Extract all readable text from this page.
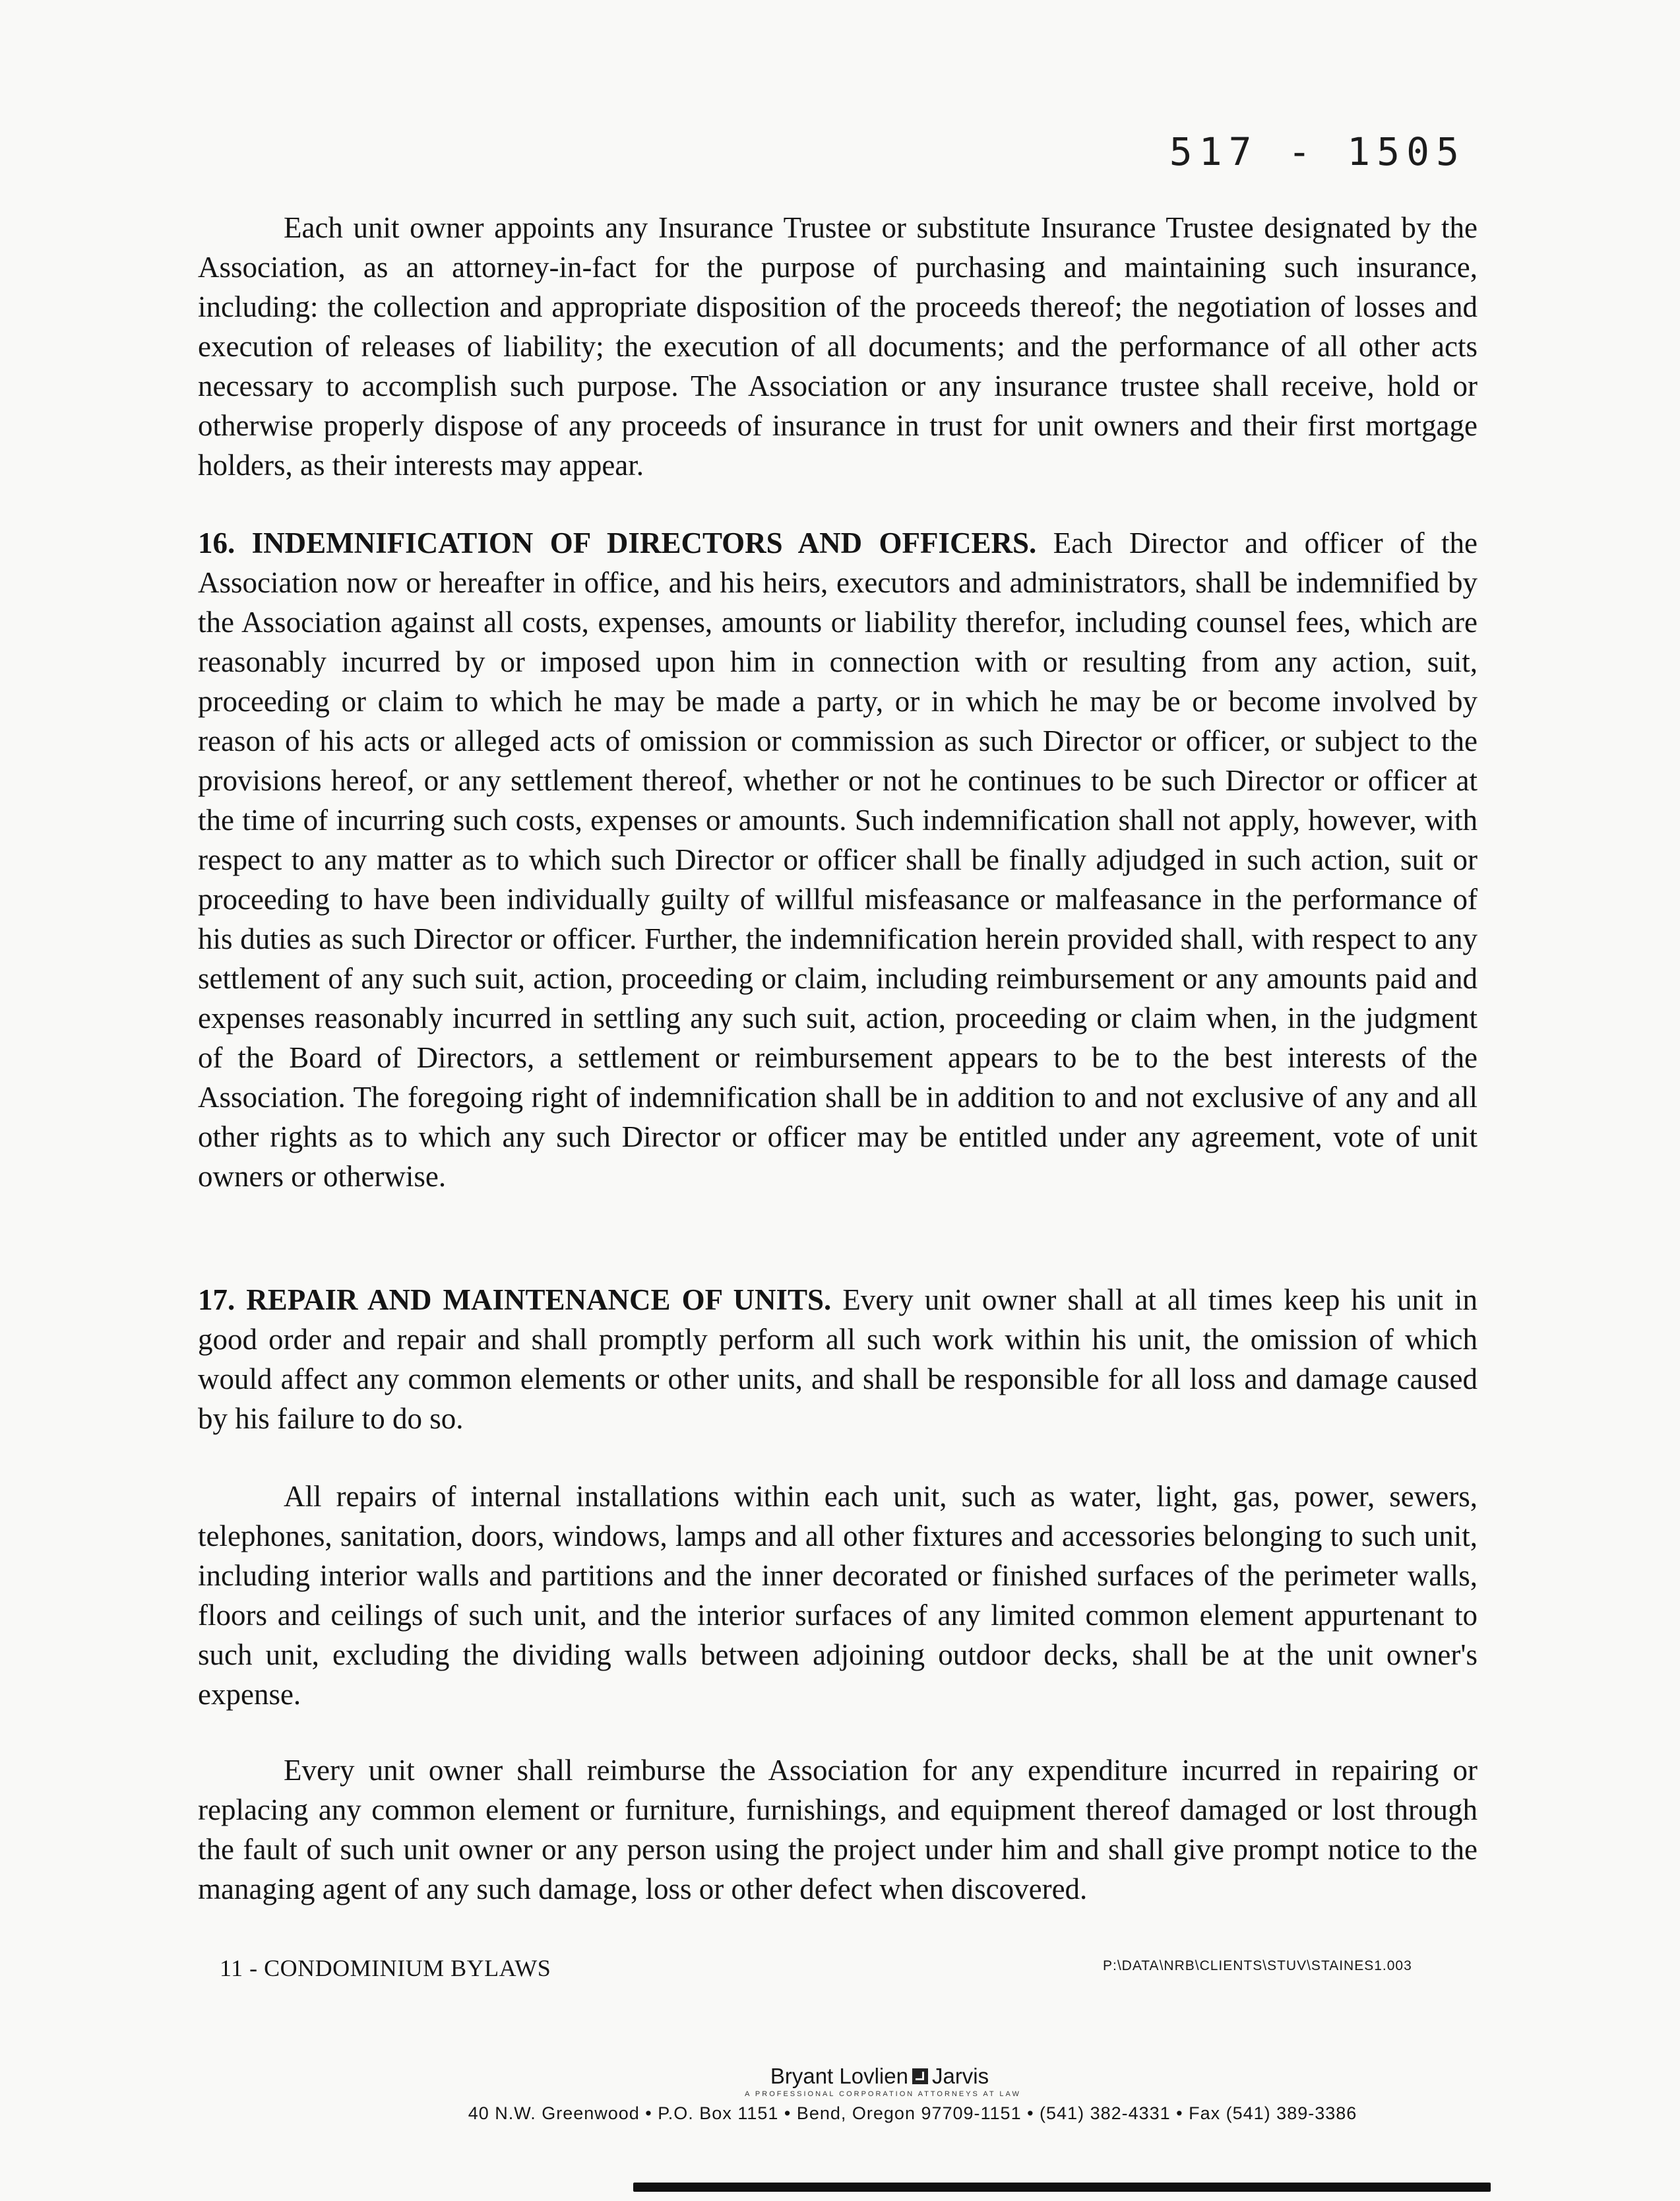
517 - 1505

Each unit owner appoints any Insurance Trustee or substitute Insurance Trustee designated by the Association, as an attorney-in-fact for the purpose of purchasing and maintaining such insurance, including: the collection and appropriate disposition of the proceeds thereof; the negotiation of losses and execution of releases of liability; the execution of all documents; and the performance of all other acts necessary to accomplish such purpose. The Association or any insurance trustee shall receive, hold or otherwise properly dispose of any proceeds of insurance in trust for unit owners and their first mortgage holders, as their interests may appear.

16. INDEMNIFICATION OF DIRECTORS AND OFFICERS. Each Director and officer of the Association now or hereafter in office, and his heirs, executors and administrators, shall be indemnified by the Association against all costs, expenses, amounts or liability therefor, including counsel fees, which are reasonably incurred by or imposed upon him in connection with or resulting from any action, suit, proceeding or claim to which he may be made a party, or in which he may be or become involved by reason of his acts or alleged acts of omission or commission as such Director or officer, or subject to the provisions hereof, or any settlement thereof, whether or not he continues to be such Director or officer at the time of incurring such costs, expenses or amounts. Such indemnification shall not apply, however, with respect to any matter as to which such Director or officer shall be finally adjudged in such action, suit or proceeding to have been individually guilty of willful misfeasance or malfeasance in the performance of his duties as such Director or officer. Further, the indemnification herein provided shall, with respect to any settlement of any such suit, action, proceeding or claim, including reimbursement or any amounts paid and expenses reasonably incurred in settling any such suit, action, proceeding or claim when, in the judgment of the Board of Directors, a settlement or reimbursement appears to be to the best interests of the Association. The foregoing right of indemnification shall be in addition to and not exclusive of any and all other rights as to which any such Director or officer may be entitled under any agreement, vote of unit owners or otherwise.

17. REPAIR AND MAINTENANCE OF UNITS. Every unit owner shall at all times keep his unit in good order and repair and shall promptly perform all such work within his unit, the omission of which would affect any common elements or other units, and shall be responsible for all loss and damage caused by his failure to do so.

All repairs of internal installations within each unit, such as water, light, gas, power, sewers, telephones, sanitation, doors, windows, lamps and all other fixtures and accessories belonging to such unit, including interior walls and partitions and the inner decorated or finished surfaces of the perimeter walls, floors and ceilings of such unit, and the interior surfaces of any limited common element appurtenant to such unit, excluding the dividing walls between adjoining outdoor decks, shall be at the unit owner's expense.

Every unit owner shall reimburse the Association for any expenditure incurred in repairing or replacing any common element or furniture, furnishings, and equipment thereof damaged or lost through the fault of such unit owner or any person using the project under him and shall give prompt notice to the managing agent of any such damage, loss or other defect when discovered.

11 - CONDOMINIUM BYLAWS	P:\DATA\NRB\CLIENTS\STUV\STAINES1.003
Bryant Lovlien Jarvis
A PROFESSIONAL CORPORATION ATTORNEYS AT LAW
40 N.W. Greenwood • P.O. Box 1151 • Bend, Oregon 97709-1151 • (541) 382-4331 • Fax (541) 389-3386
